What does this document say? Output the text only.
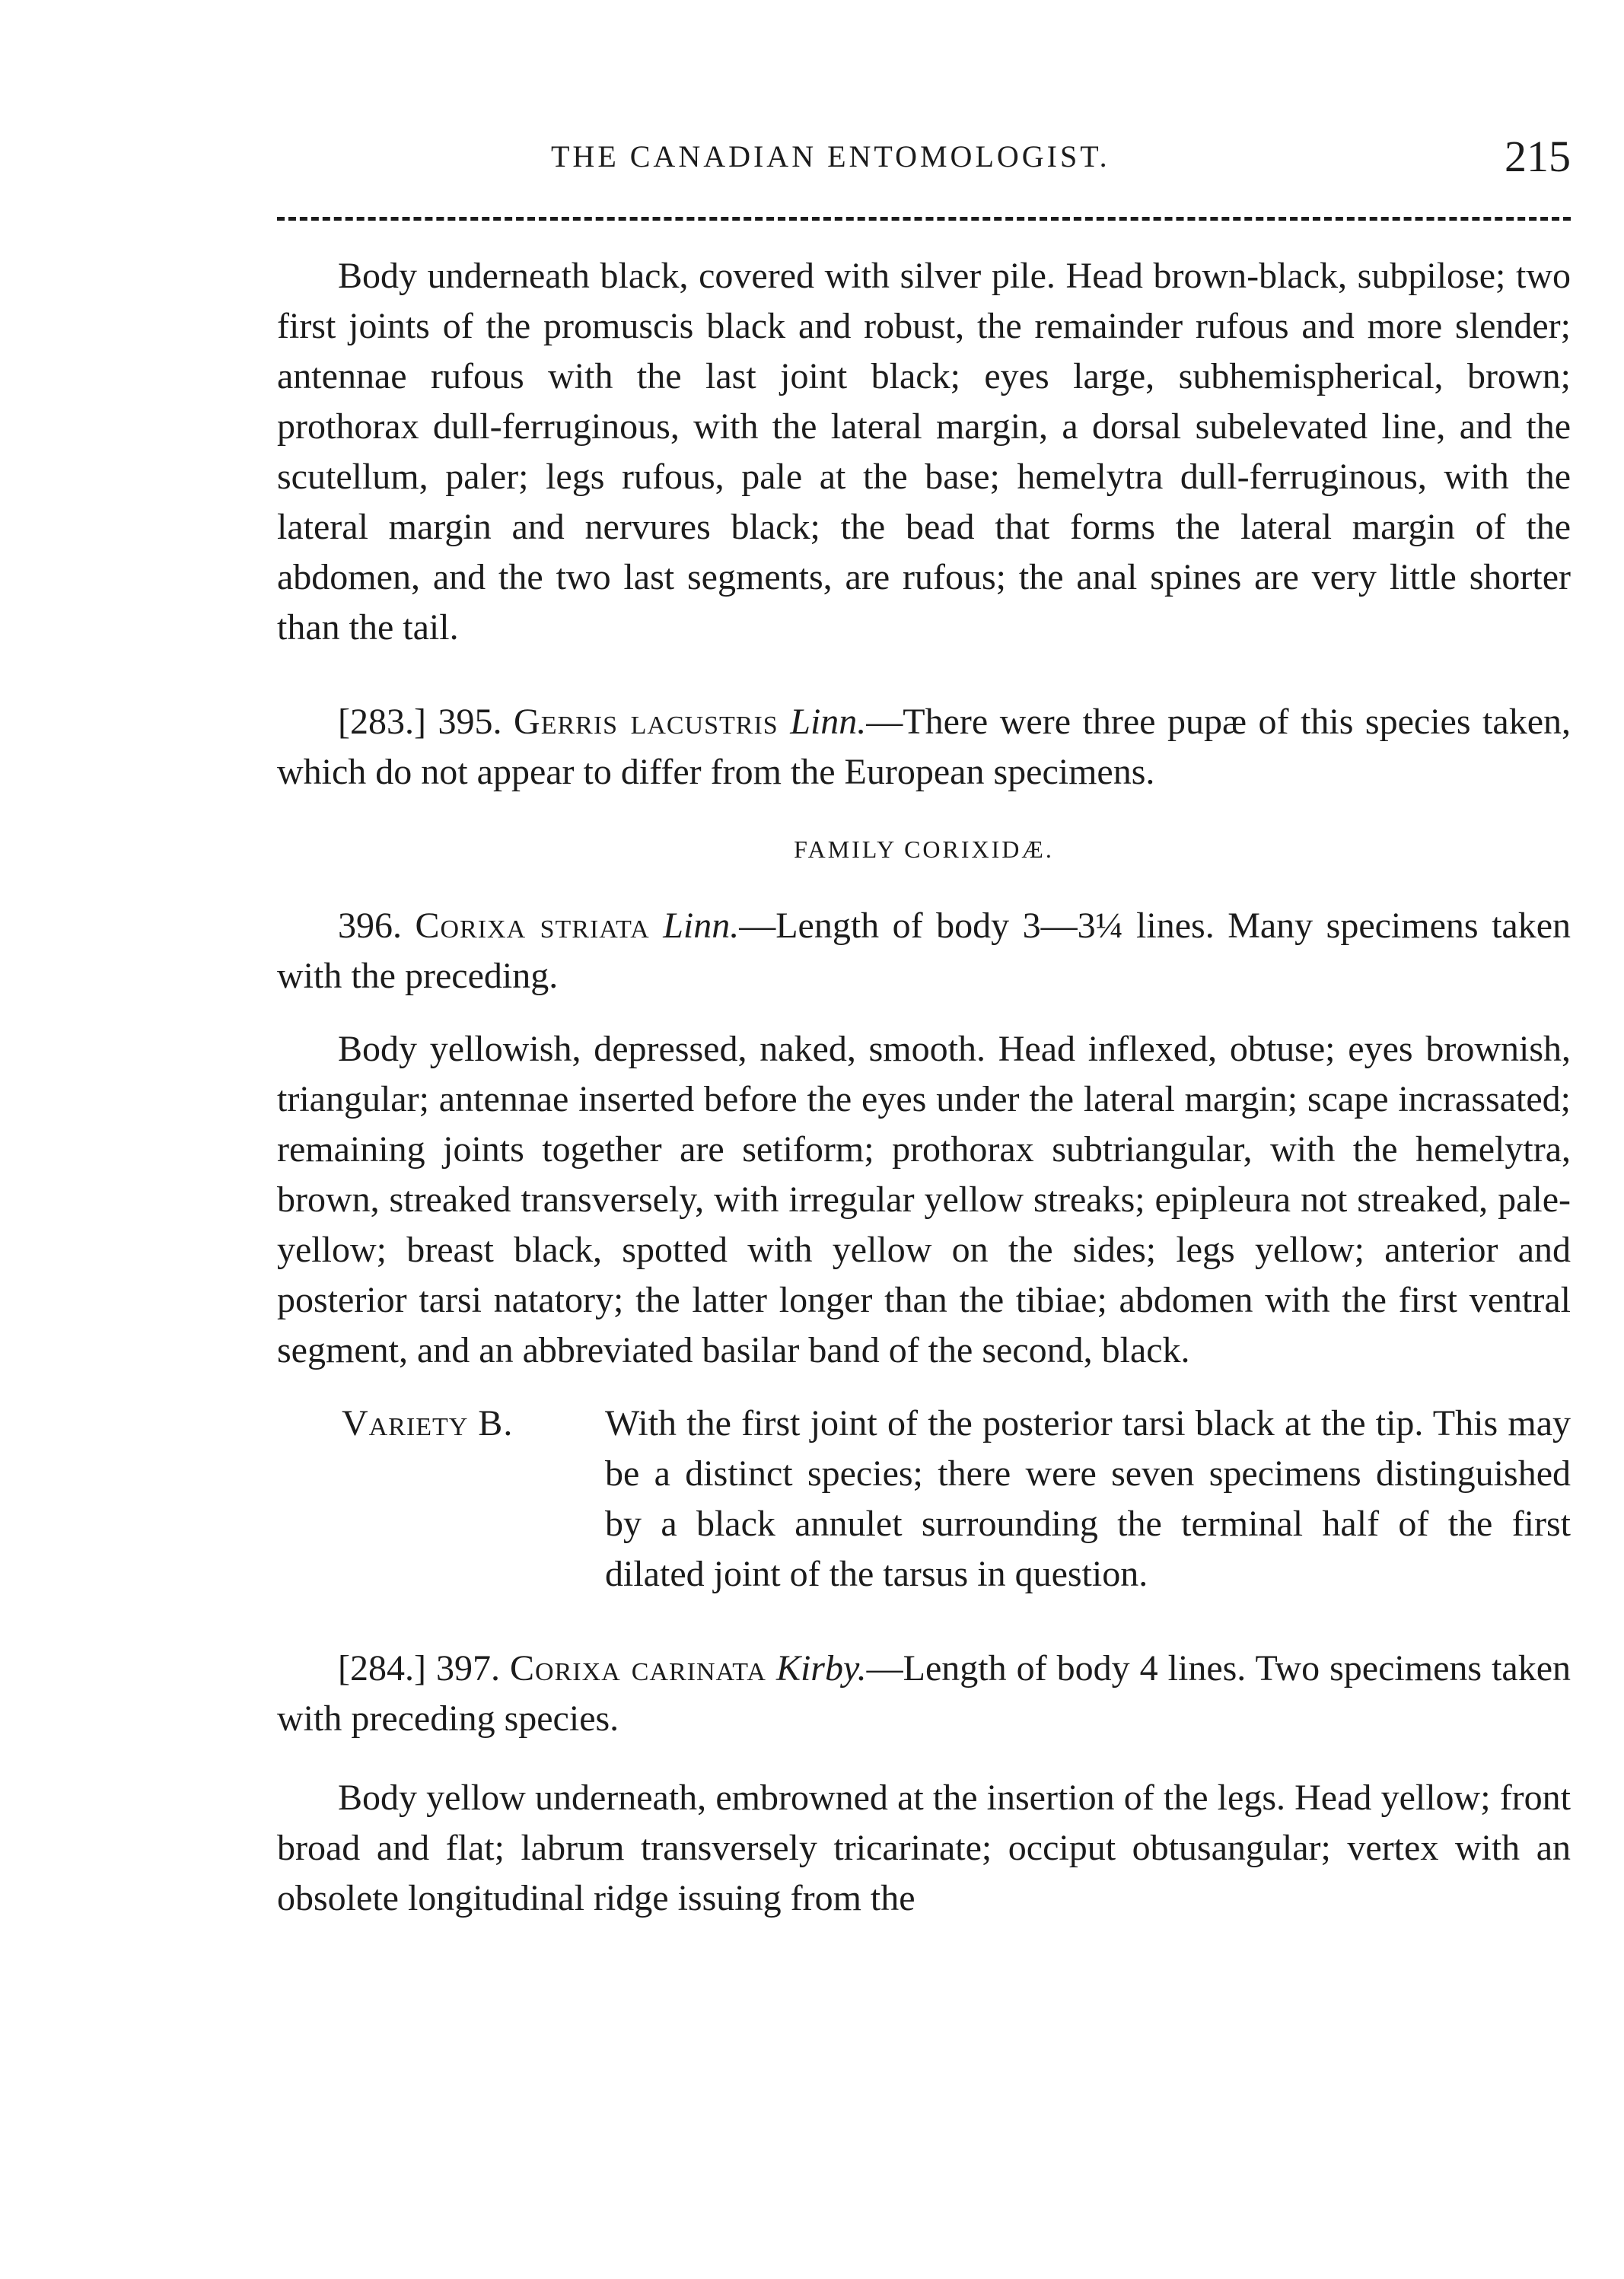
THE CANADIAN ENTOMOLOGIST.	215

Body underneath black, covered with silver pile. Head brown-black, subpilose; two first joints of the promuscis black and robust, the remainder rufous and more slender; antennae rufous with the last joint black; eyes large, subhemispherical, brown; prothorax dull-ferruginous, with the lateral margin, a dorsal subelevated line, and the scutellum, paler; legs rufous, pale at the base; hemelytra dull-ferruginous, with the lateral margin and nervures black; the bead that forms the lateral margin of the abdomen, and the two last segments, are rufous; the anal spines are very little shorter than the tail.

[283.] 395. Gerris lacustris Linn.—There were three pupæ of this species taken, which do not appear to differ from the European specimens.

FAMILY CORIXIDÆ.

396. Corixa striata Linn.—Length of body 3—3¼ lines. Many specimens taken with the preceding.

Body yellowish, depressed, naked, smooth. Head inflexed, obtuse; eyes brownish, triangular; antennae inserted before the eyes under the lateral margin; scape incrassated; remaining joints together are setiform; prothorax subtriangular, with the hemelytra, brown, streaked transversely, with irregular yellow streaks; epipleura not streaked, pale-yellow; breast black, spotted with yellow on the sides; legs yellow; anterior and posterior tarsi natatory; the latter longer than the tibiae; abdomen with the first ventral segment, and an abbreviated basilar band of the second, black.

Variety B.	With the first joint of the posterior tarsi black at the tip. This may be a distinct species; there were seven specimens distinguished by a black annulet surrounding the terminal half of the first dilated joint of the tarsus in question.

[284.] 397. Corixa carinata Kirby.—Length of body 4 lines. Two specimens taken with preceding species.

Body yellow underneath, embrowned at the insertion of the legs. Head yellow; front broad and flat; labrum transversely tricarinate; occiput obtusangular; vertex with an obsolete longitudinal ridge issuing from the
